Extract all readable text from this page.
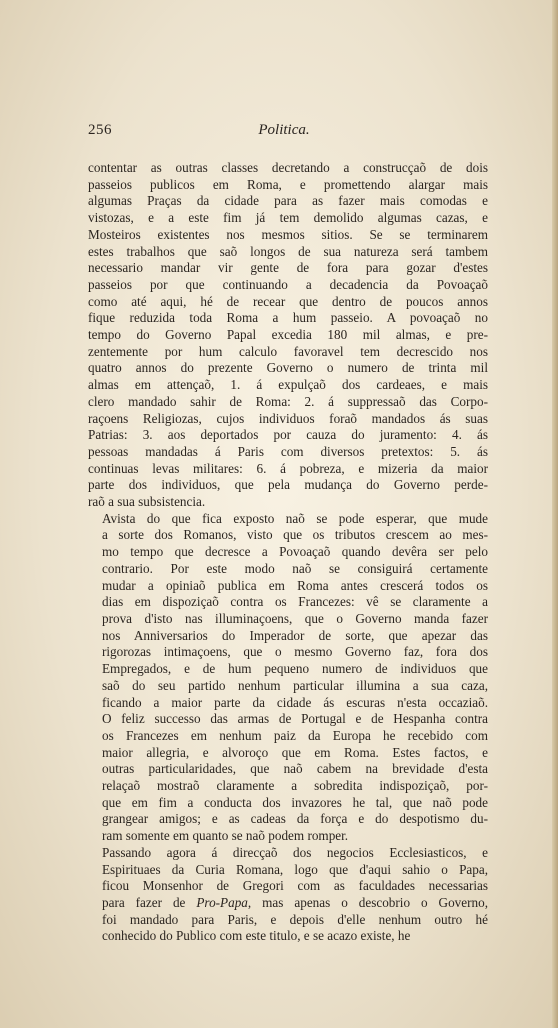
256	Politica.

contentar as outras classes decretando a construcçaõ de dois
passeios publicos em Roma, e promettendo alargar mais
algumas Praças da cidade para as fazer mais comodas e
vistozas, e a este fim já tem demolido algumas cazas, e
Mosteiros existentes nos mesmos sitios. Se se terminarem
estes trabalhos que saõ longos de sua natureza será tambem
necessario mandar vir gente de fora para gozar d'estes
passeios por que continuando a decadencia da Povoaçaõ
como até aqui, hé de recear que dentro de poucos annos
fique reduzida toda Roma a hum passeio. A povoaçaõ no
tempo do Governo Papal excedia 180 mil almas, e pre-
zentemente por hum calculo favoravel tem decrescido nos
quatro annos do prezente Governo o numero de trinta mil
almas em attençaõ, 1. á expulçaõ dos cardeaes, e mais
clero mandado sahir de Roma: 2. á suppressaõ das Corpo-
raçoens Religiozas, cujos individuos foraõ mandados ás suas
Patrias: 3. aos deportados por cauza do juramento: 4. ás
pessoas mandadas á Paris com diversos pretextos: 5. ás
continuas levas militares: 6. á pobreza, e mizeria da maior
parte dos individuos, que pela mudança do Governo perde-
raõ a sua subsistencia.

Avista do que fica exposto naõ se pode esperar, que mude
a sorte dos Romanos, visto que os tributos crescem ao mes-
mo tempo que decresce a Povoaçaõ quando devêra ser pelo
contrario. Por este modo naõ se consiguirá certamente
mudar a opiniaõ publica em Roma antes crescerá todos os
dias em dispoziçaõ contra os Francezes: vê se claramente a
prova d'isto nas illuminaçoens, que o Governo manda fazer
nos Anniversarios do Imperador de sorte, que apezar das
rigorozas intimaçoens, que o mesmo Governo faz, fora dos
Empregados, e de hum pequeno numero de individuos que
saõ do seu partido nenhum particular illumina a sua caza,
ficando a maior parte da cidade ás escuras n'esta occaziaõ.
O feliz successo das armas de Portugal e de Hespanha contra
os Francezes em nenhum paiz da Europa he recebido com
maior allegria, e alvoroço que em Roma. Estes factos, e
outras particularidades, que naõ cabem na brevidade d'esta
relaçaõ mostraõ claramente a sobredita indispoziçaõ, por-
que em fim a conducta dos invazores he tal, que naõ pode
grangear amigos; e as cadeas da força e do despotismo du-
ram somente em quanto se naõ podem romper.

Passando agora á direcçaõ dos negocios Ecclesiasticos, e
Espirituaes da Curia Romana, logo que d'aqui sahio o Papa,
ficou Monsenhor de Gregori com as faculdades necessarias
para fazer de Pro-Papa, mas apenas o descobrio o Governo,
foi mandado para Paris, e depois d'elle nenhum outro hé
conhecido do Publico com este titulo, e se acazo existe, he
